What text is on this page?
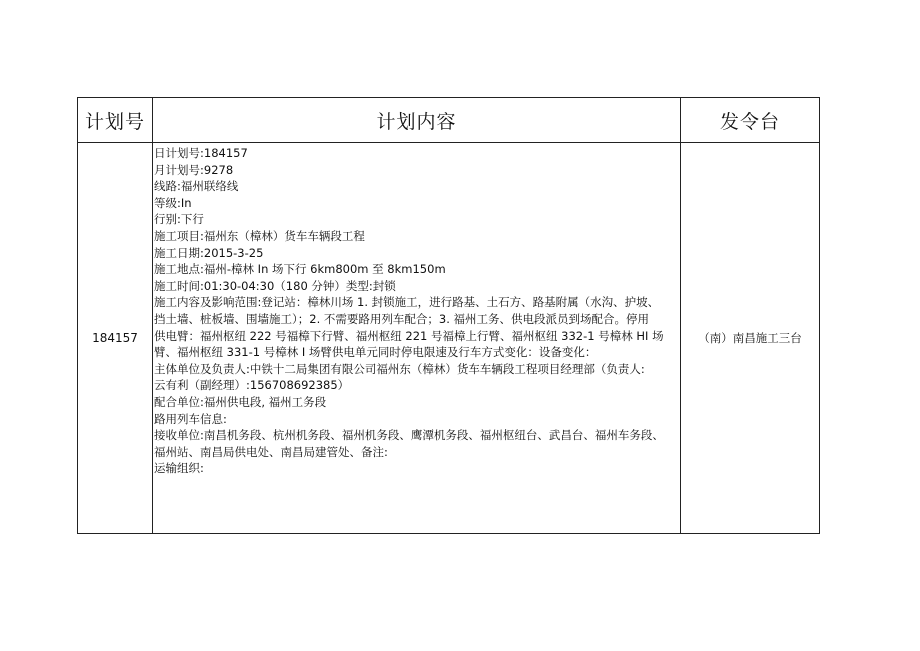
计划号	计划内容	发令台
184157
日计划号:184157
月计划号:9278
线路:福州联络线
等级:In
行别:下行
施工项目:福州东（樟林）货车车辆段工程
施工日期:2015-3-25
施工地点:福州-樟林 In 场下行 6km800m 至 8km150m
施工时间:01:30-04:30（180 分钟）类型:封锁
施工内容及影响范围:登记站：樟林川场 1. 封锁施工，进行路基、土石方、路基附属（水沟、护坡、
挡土墙、桩板墙、围墙施工）；2. 不需要路用列车配合；3. 福州工务、供电段派员到场配合。停用
供电臂：福州枢纽 222 号福樟下行臂、福州枢纽 221 号福樟上行臂、福州枢纽 332-1 号樟林 HI 场
臂、福州枢纽 331-1 号樟林 I 场臂供电单元同时停电限速及行车方式变化：设备变化：
主体单位及负责人:中铁十二局集团有限公司福州东（樟林）货车车辆段工程项目经理部（负责人:
云有利（副经理）:156708692385）
配合单位:福州供电段, 福州工务段
路用列车信息:
接收单位:南昌机务段、杭州机务段、福州机务段、鹰潭机务段、福州枢纽台、武昌台、福州车务段、
福州站、南昌局供电处、南昌局建管处、备注:
运输组织:
（南）南昌施工三台
